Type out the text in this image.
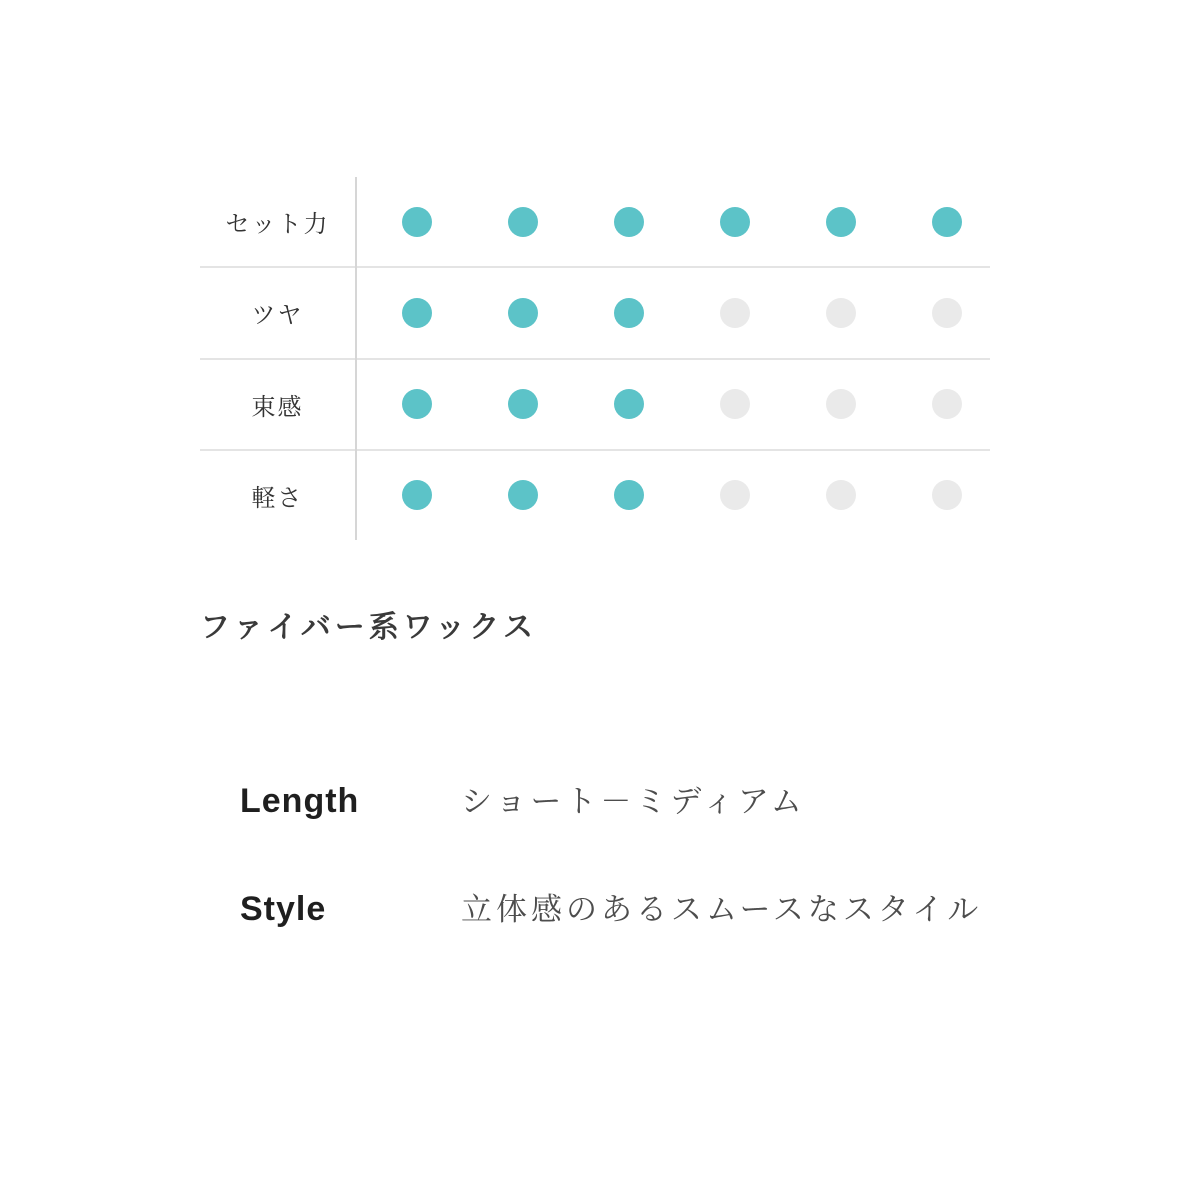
セット力
ツヤ
束感
軽さ
ファイバー系ワックス
Length	ショート－ミディアム
Style	立体感のあるスムースなスタイル
